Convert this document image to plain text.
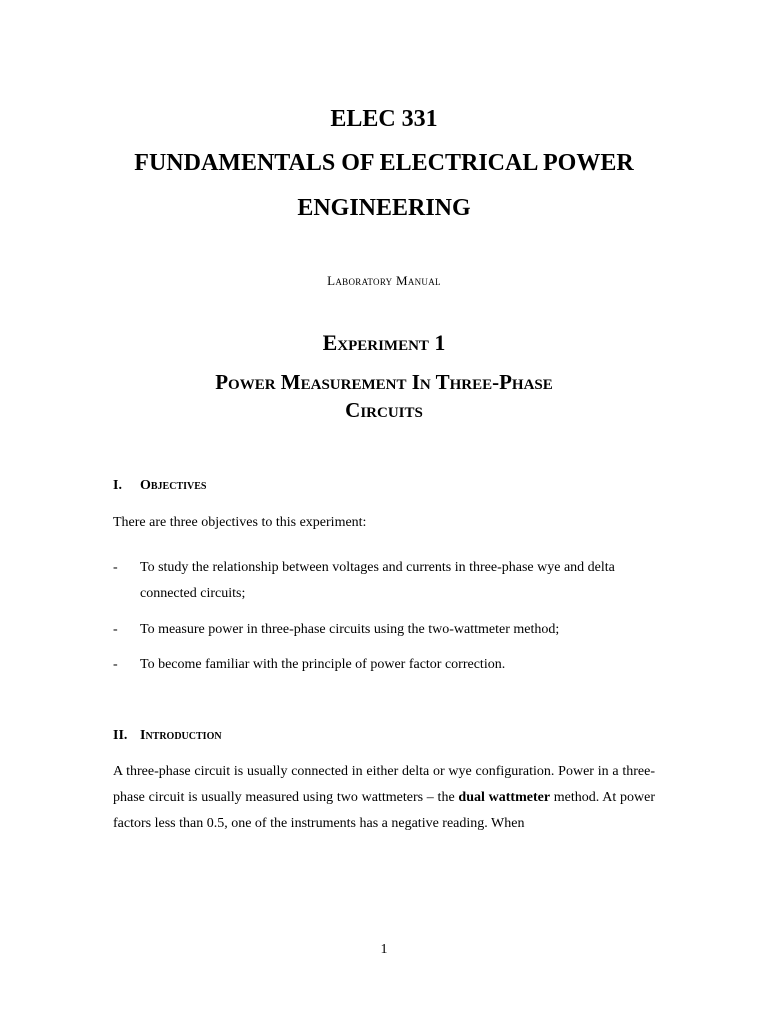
ELEC 331
FUNDAMENTALS OF ELECTRICAL POWER
ENGINEERING
Laboratory Manual
Experiment 1
Power Measurement In Three-Phase
Circuits
I. Objectives
There are three objectives to this experiment:
- To study the relationship between voltages and currents in three-phase wye and delta connected circuits;
- To measure power in three-phase circuits using the two-wattmeter method;
- To become familiar with the principle of power factor correction.
II. Introduction
A three-phase circuit is usually connected in either delta or wye configuration. Power in a three-phase circuit is usually measured using two wattmeters – the dual wattmeter method. At power factors less than 0.5, one of the instruments has a negative reading. When
1
